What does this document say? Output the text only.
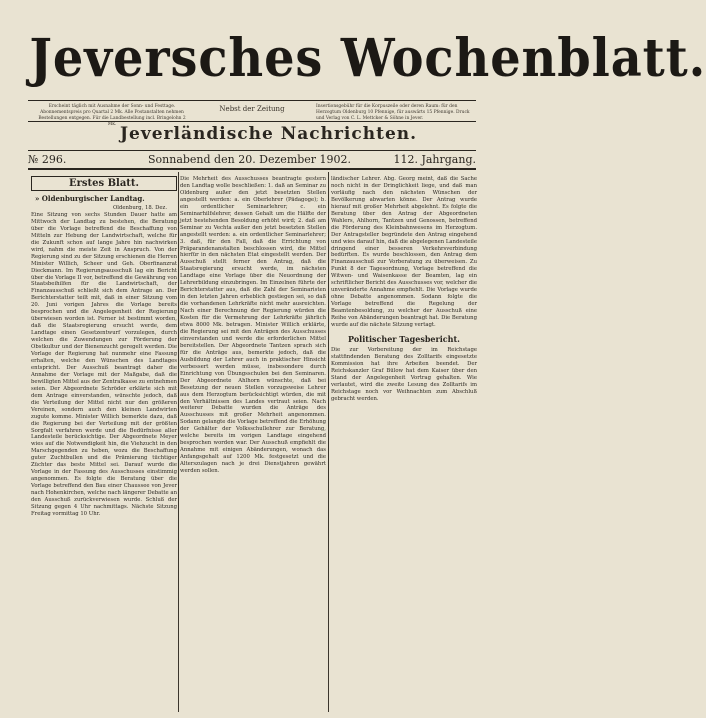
Jeversches Wochenblatt.
Erscheint täglich mit Ausnahme der Sonn- und Festtage. Abonnementspreis pro Quartal 2 Mk. Alle Postanstalten nehmen Bestellungen entgegen. Für die Landbestellung incl. Bringelohn 2 Mk.
Nebst der Zeitung	Insertionsgebühr für die Korpuszeile oder deren Raum: für den Herzogtum Oldenburg 10 Pfennige, für auswärts 15 Pfennige. Druck und Verlag von C. L. Mettcker & Söhne in Jever.
Jeverländische Nachrichten.
№ 296.	Sonnabend den 20. Dezember 1902.	112. Jahrgang.
Erstes Blatt.
» Oldenburgischer Landtag.
Oldenburg, 18. Dez.
Eine Sitzung von sechs Stunden Dauer hatte am Mittwoch der Landtag zu bestehen, die Beratung über die Vorlage betreffend die Beschaffung von Mitteln zur Hebung der Landwirtschaft, welche für die Zukunft schon auf lange Jahre hin nachwirken wird, nahm die meiste Zeit in Anspruch. Von der Regierung sind zu der Sitzung erschienen die Herren Minister Willich, Scheer und Geh. Oberfinanzrat Dieckmann. Im Regierungsausschuß lag ein Bericht über die Vorlage II vor, betreffend die Gewährung von Staatsbeihilfen für die Landwirtschaft, der Finanzausschuß schließt sich dem Antrage an. Der Berichterstatter teilt mit, daß in einer Sitzung vom 20. Juni vorigen Jahres die Vorlage bereits besprochen und die Angelegenheit der Regierung überwiesen worden ist. Ferner ist bestimmt worden, daß die Staatsregierung ersucht werde, dem Landtage einen Gesetzentwurf vorzulegen, durch welchen die Zuwendungen zur Förderung der Obstkultur und der Bienenzucht geregelt werden. Die Vorlage der Regierung hat nunmehr eine Fassung erhalten, welche den Wünschen des Landtages entspricht. Der Ausschuß beantragt daher die Annahme der Vorlage mit der Maßgabe, daß die bewilligten Mittel aus der Zentralkasse zu entnehmen seien. Der Abgeordnete Schröder erklärte sich mit dem Antrage einverstanden, wünschte jedoch, daß die Verteilung der Mittel nicht nur den größeren Vereinen, sondern auch den kleinen Landwirten zugute komme. Minister Willich bemerkte dazu, daß die Regierung bei der Verteilung mit der größten Sorgfalt verfahren werde und die Bedürfnisse aller Landesteile berücksichtige. Der Abgeordnete Meyer wies auf die Notwendigkeit hin, die Viehzucht in den Marschgegenden zu heben, wozu die Beschaffung guter Zuchtbullen und die Prämierung tüchtiger Züchter das beste Mittel sei. Darauf wurde die Vorlage in der Fassung des Ausschusses einstimmig angenommen. Es folgte die Beratung über die Vorlage betreffend den Bau einer Chaussee von Jever nach Hohenkirchen, welche nach längerer Debatte an den Ausschuß zurückverwiesen wurde. Schluß der Sitzung gegen 4 Uhr nachmittags. Nächste Sitzung Freitag vormittag 10 Uhr.
Die Mehrheit des Ausschusses beantragte gestern den Landtag wolle beschließen: 1. daß an Seminar zu Oldenburg außer den jetzt besetzten Stellen angestellt werden: a. ein Oberlehrer (Pädagoge); b. ein ordentlicher Seminarlehrer; c. ein Seminarhilfslehrer, dessen Gehalt um die Hälfte der jetzt bestehenden Besoldung erhöht wird; 2. daß am Seminar zu Vechta außer den jetzt besetzten Stellen angestellt werden: a. ein ordentlicher Seminarlehrer; 3. daß, für den Fall, daß die Errichtung von Präparandenanstalten beschlossen wird, die Mittel hierfür in den nächsten Etat eingestellt werden. Der Ausschuß stellt ferner den Antrag, daß die Staatsregierung ersucht werde, im nächsten Landtage eine Vorlage über die Neuordnung der Lehrerbildung einzubringen. Im Einzelnen führte der Berichterstatter aus, daß die Zahl der Seminaristen in den letzten Jahren erheblich gestiegen sei, so daß die vorhandenen Lehrkräfte nicht mehr ausreichten. Nach einer Berechnung der Regierung würden die Kosten für die Vermehrung der Lehrkräfte jährlich etwa 8000 Mk. betragen. Minister Willich erklärte, die Regierung sei mit den Anträgen des Ausschusses einverstanden und werde die erforderlichen Mittel bereitstellen. Der Abgeordnete Tantzen sprach sich für die Anträge aus, bemerkte jedoch, daß die Ausbildung der Lehrer auch in praktischer Hinsicht verbessert werden müsse, insbesondere durch Einrichtung von Übungsschulen bei den Seminaren. Der Abgeordnete Ahlhorn wünschte, daß bei Besetzung der neuen Stellen vorzugsweise Lehrer aus dem Herzogtum berücksichtigt würden, die mit den Verhältnissen des Landes vertraut seien. Nach weiterer Debatte wurden die Anträge des Ausschusses mit großer Mehrheit angenommen. Sodann gelangte die Vorlage betreffend die Erhöhung der Gehälter der Volksschullehrer zur Beratung, welche bereits im vorigen Landtage eingehend besprochen worden war. Der Ausschuß empfiehlt die Annahme mit einigen Abänderungen, wonach das Anfangsgehalt auf 1200 Mk. festgesetzt und die Alterszulagen nach je drei Dienstjahren gewährt werden sollen.
ländischer Lehrer. Abg. Georg meint, daß die Sache noch nicht in der Dringlichkeit liege, und daß man vorläufig nach den nächsten Wünschen der Bevölkerung abwarten könne. Der Antrag wurde hierauf mit großer Mehrheit abgelehnt. Es folgte die Beratung über den Antrag der Abgeordneten Wahlers, Ahlhorn, Tantzen und Genossen, betreffend die Förderung des Kleinbahnwesens im Herzogtum. Der Antragsteller begründete den Antrag eingehend und wies darauf hin, daß die abgelegenen Landesteile dringend einer besseren Verkehrsverbindung bedürften. Es wurde beschlossen, den Antrag dem Finanzausschuß zur Vorberatung zu überweisen. Zu Punkt 8 der Tagesordnung, Vorlage betreffend die Witwen- und Waisenkasse der Beamten, lag ein schriftlicher Bericht des Ausschusses vor, welcher die unveränderte Annahme empfiehlt. Die Vorlage wurde ohne Debatte angenommen. Sodann folgte die Vorlage betreffend die Regelung der Beamtenbesoldung, zu welcher der Ausschuß eine Reihe von Abänderungen beantragt hat. Die Beratung wurde auf die nächste Sitzung vertagt.
Politischer Tagesbericht.
Die zur Vorbereitung der im Reichstage stattfindenden Beratung des Zolltarifs eingesetzte Kommission hat ihre Arbeiten beendet. Der Reichskanzler Graf Bülow hat dem Kaiser über den Stand der Angelegenheit Vortrag gehalten. Wie verlautet, wird die zweite Lesung des Zolltarifs im Reichstage noch vor Weihnachten zum Abschluß gebracht werden.
